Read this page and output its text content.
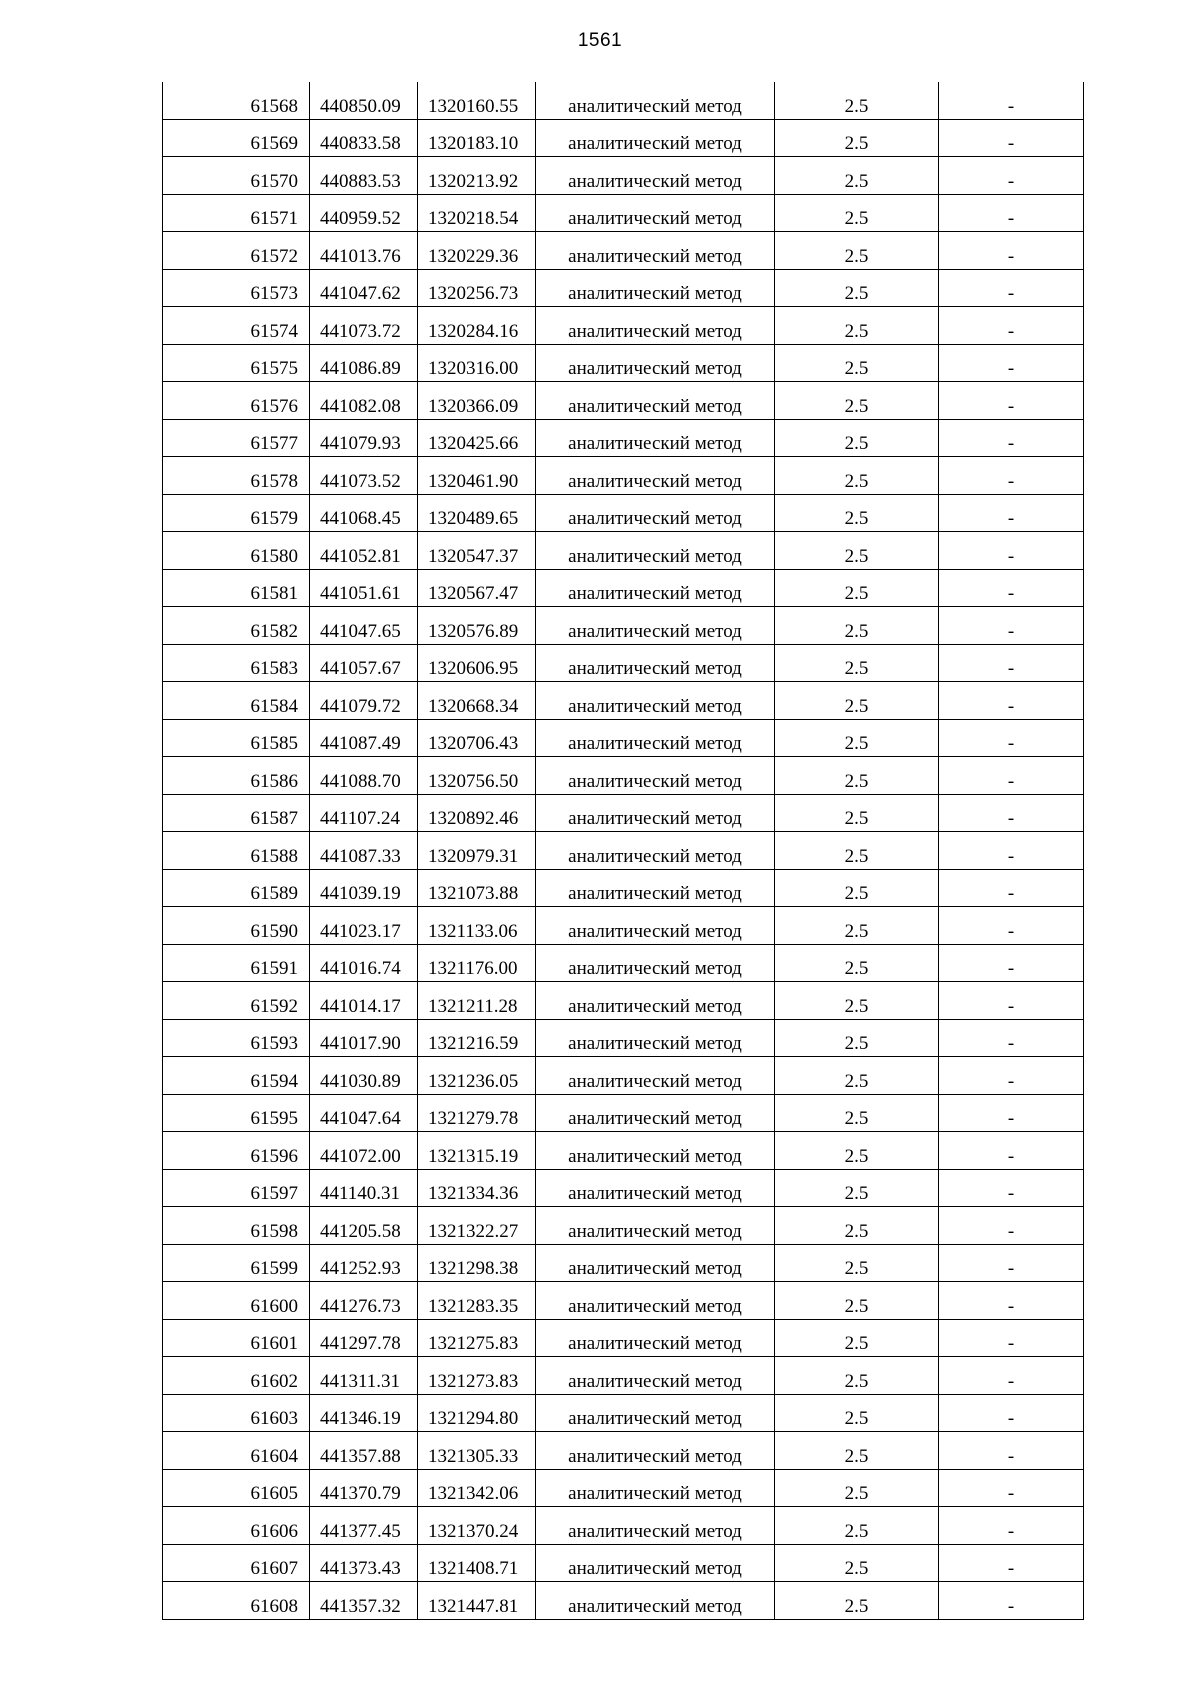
1561
61568	440850.09	1320160.55	аналитический метод	2.5	-
61569	440833.58	1320183.10	аналитический метод	2.5	-
61570	440883.53	1320213.92	аналитический метод	2.5	-
61571	440959.52	1320218.54	аналитический метод	2.5	-
61572	441013.76	1320229.36	аналитический метод	2.5	-
61573	441047.62	1320256.73	аналитический метод	2.5	-
61574	441073.72	1320284.16	аналитический метод	2.5	-
61575	441086.89	1320316.00	аналитический метод	2.5	-
61576	441082.08	1320366.09	аналитический метод	2.5	-
61577	441079.93	1320425.66	аналитический метод	2.5	-
61578	441073.52	1320461.90	аналитический метод	2.5	-
61579	441068.45	1320489.65	аналитический метод	2.5	-
61580	441052.81	1320547.37	аналитический метод	2.5	-
61581	441051.61	1320567.47	аналитический метод	2.5	-
61582	441047.65	1320576.89	аналитический метод	2.5	-
61583	441057.67	1320606.95	аналитический метод	2.5	-
61584	441079.72	1320668.34	аналитический метод	2.5	-
61585	441087.49	1320706.43	аналитический метод	2.5	-
61586	441088.70	1320756.50	аналитический метод	2.5	-
61587	441107.24	1320892.46	аналитический метод	2.5	-
61588	441087.33	1320979.31	аналитический метод	2.5	-
61589	441039.19	1321073.88	аналитический метод	2.5	-
61590	441023.17	1321133.06	аналитический метод	2.5	-
61591	441016.74	1321176.00	аналитический метод	2.5	-
61592	441014.17	1321211.28	аналитический метод	2.5	-
61593	441017.90	1321216.59	аналитический метод	2.5	-
61594	441030.89	1321236.05	аналитический метод	2.5	-
61595	441047.64	1321279.78	аналитический метод	2.5	-
61596	441072.00	1321315.19	аналитический метод	2.5	-
61597	441140.31	1321334.36	аналитический метод	2.5	-
61598	441205.58	1321322.27	аналитический метод	2.5	-
61599	441252.93	1321298.38	аналитический метод	2.5	-
61600	441276.73	1321283.35	аналитический метод	2.5	-
61601	441297.78	1321275.83	аналитический метод	2.5	-
61602	441311.31	1321273.83	аналитический метод	2.5	-
61603	441346.19	1321294.80	аналитический метод	2.5	-
61604	441357.88	1321305.33	аналитический метод	2.5	-
61605	441370.79	1321342.06	аналитический метод	2.5	-
61606	441377.45	1321370.24	аналитический метод	2.5	-
61607	441373.43	1321408.71	аналитический метод	2.5	-
61608	441357.32	1321447.81	аналитический метод	2.5	-
